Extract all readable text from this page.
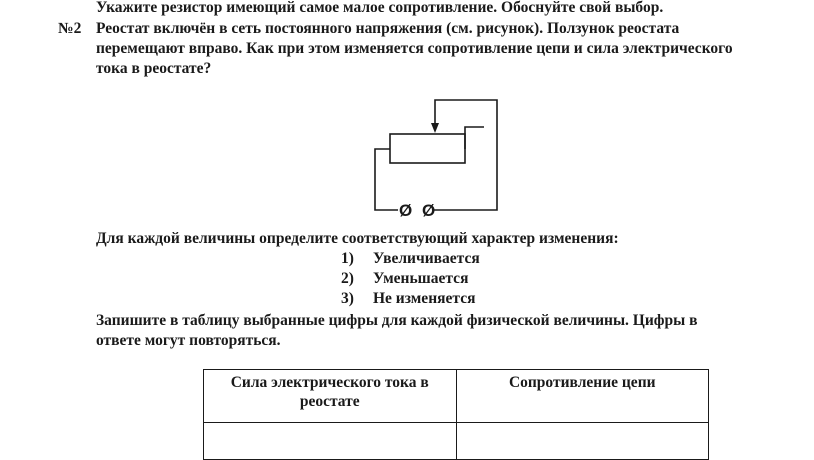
Укажите резистор имеющий самое малое сопротивление. Обоснуйте свой выбор.
№2 Реостат включён в сеть постоянного напряжения (см. рисунок). Ползунок реостата
перемещают вправо. Как при этом изменяется сопротивление цепи и сила электрического
тока в реостате?
Ø Ø
Для каждой величины определите соответствующий характер изменения:
1) Увеличивается
2) Уменьшается
3) Не изменяется
Запишите в таблицу выбранные цифры для каждой физической величины. Цифры в
ответе могут повторяться.
Сила электрического тока в
реостате	Сопротивление цепи
